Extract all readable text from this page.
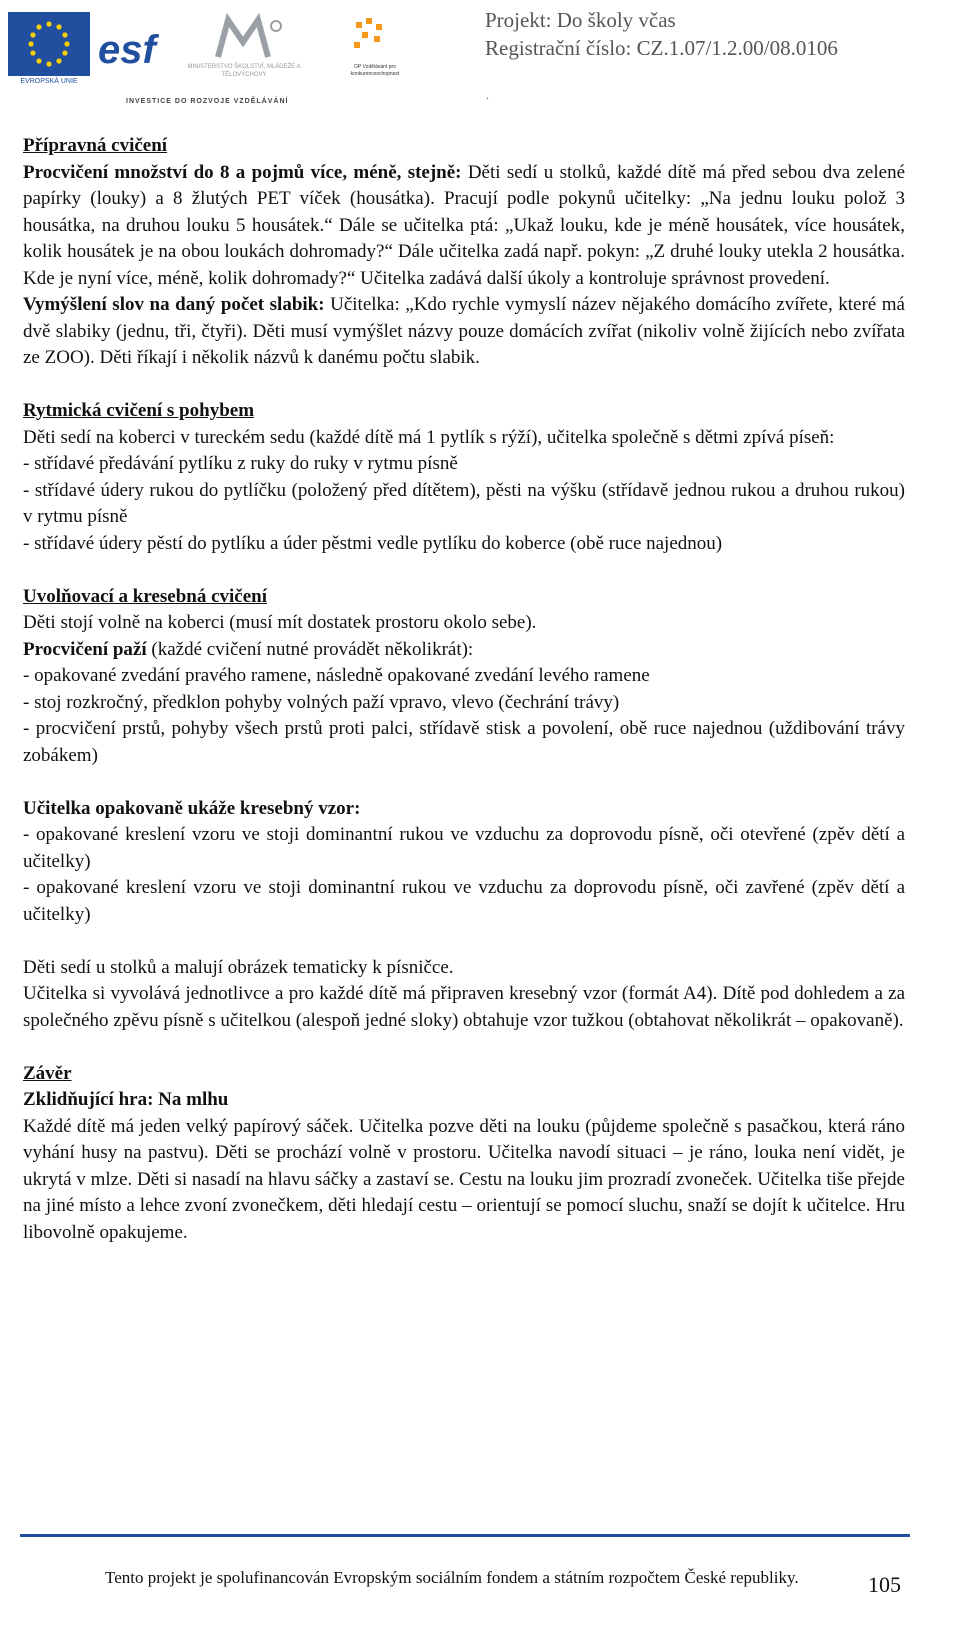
EVROPSKÁ UNIE
esf	MINISTERSTVO ŠKOLSTVÍ, MLÁDEŽE A TĚLOVÝCHOVY
OP Vzdělávání pro konkurenceschopnost
INVESTICE DO ROZVOJE VZDĚLÁVÁNÍ
Projekt: Do školy včas
Registrační číslo: CZ.1.07/1.2.00/08.0106
.

Přípravná cvičení

Procvičení množství do 8 a pojmů více, méně, stejně: Děti sedí u stolků, každé dítě má před sebou dva zelené papírky (louky) a 8 žlutých PET víček (housátka). Pracují podle pokynů učitelky: „Na jednu louku polož 3 housátka, na druhou louku 5 housátek.“ Dále se učitelka ptá: „Ukaž louku, kde je méně housátek, více housátek, kolik housátek je na obou loukách dohromady?“ Dále učitelka zadá např. pokyn: „Z druhé louky utekla 2 housátka. Kde je nyní více, méně, kolik dohromady?“ Učitelka zadává další úkoly a kontroluje správnost provedení.

Vymýšlení slov na daný počet slabik: Učitelka: „Kdo rychle vymyslí název nějakého domácího zvířete, které má dvě slabiky (jednu, tři, čtyři). Děti musí vymýšlet názvy pouze domácích zvířat (nikoliv volně žijících nebo zvířata ze ZOO). Děti říkají i několik názvů k danému počtu slabik.

Rytmická cvičení s pohybem

Děti sedí na koberci v tureckém sedu (každé dítě má 1 pytlík s rýží), učitelka společně s dětmi zpívá píseň:

- střídavé předávání pytlíku z ruky do ruky v rytmu písně

- střídavé údery rukou do pytlíčku (položený před dítětem), pěsti na výšku (střídavě jednou rukou a druhou rukou) v rytmu písně

- střídavé údery pěstí do pytlíku a úder pěstmi vedle pytlíku do koberce (obě ruce najednou)

Uvolňovací a kresebná cvičení

Děti stojí volně na koberci (musí mít dostatek prostoru okolo sebe).

Procvičení paží (každé cvičení nutné provádět několikrát):

- opakované zvedání pravého ramene, následně opakované zvedání levého ramene

- stoj rozkročný, předklon pohyby volných paží vpravo, vlevo (čechrání trávy)

- procvičení prstů, pohyby všech prstů proti palci, střídavě stisk a povolení, obě ruce najednou (uždibování trávy zobákem)

Učitelka opakovaně ukáže kresebný vzor:

- opakované kreslení vzoru ve stoji dominantní rukou ve vzduchu za doprovodu písně, oči otevřené (zpěv dětí a učitelky)

- opakované kreslení vzoru ve stoji dominantní rukou ve vzduchu za doprovodu písně, oči zavřené (zpěv dětí a učitelky)

Děti sedí u stolků a malují obrázek tematicky k písničce.

Učitelka si vyvolává jednotlivce a pro každé dítě má připraven kresebný vzor (formát A4). Dítě pod dohledem a za společného zpěvu písně s učitelkou (alespoň jedné sloky) obtahuje vzor tužkou (obtahovat několikrát – opakovaně).

Závěr

Zklidňující hra: Na mlhu

Každé dítě má jeden velký papírový sáček. Učitelka pozve děti na louku (půjdeme společně s pasačkou, která ráno vyhání husy na pastvu). Děti se prochází volně v prostoru. Učitelka navodí situaci – je ráno, louka není vidět, je ukrytá v mlze. Děti si nasadí na hlavu sáčky a zastaví se. Cestu na louku jim prozradí zvoneček. Učitelka tiše přejde na jiné místo a lehce zvoní zvonečkem, děti hledají cestu – orientují se pomocí sluchu, snaží se dojít k učitelce. Hru libovolně opakujeme.

Tento projekt je spolufinancován Evropským sociálním fondem a státním rozpočtem České republiky.	105
